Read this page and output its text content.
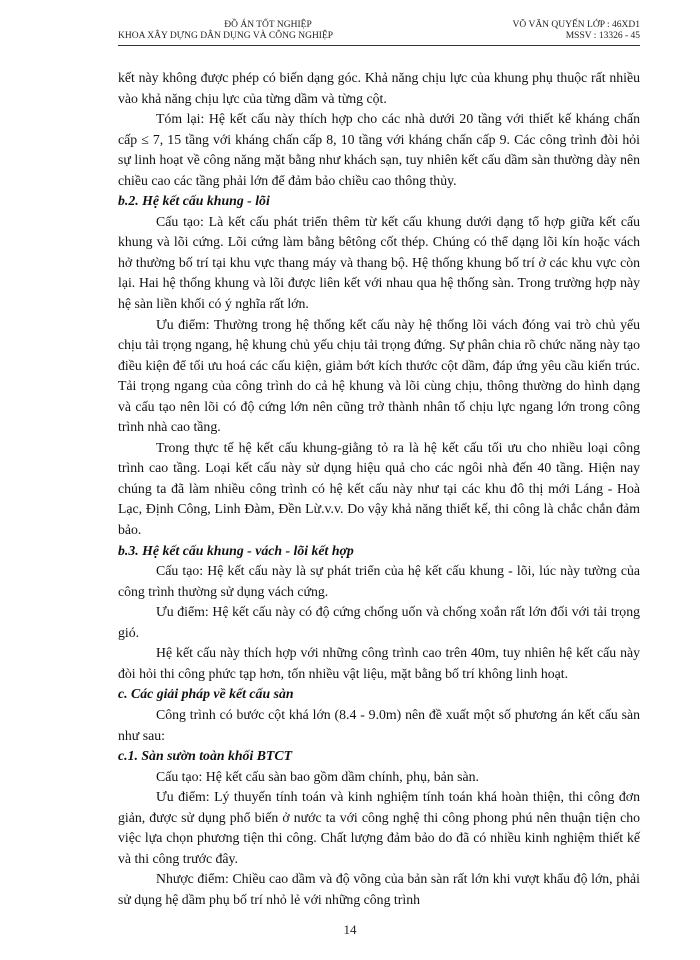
ĐỒ ÁN TỐT NGHIỆP
KHOA XÂY DỰNG DÂN DỤNG VÀ CÔNG NGHIỆP
VÕ VĂN QUYẾN LỚP : 46XD1
MSSV : 13326 - 45

kết này không được phép có biến dạng góc. Khả năng chịu lực của khung phụ thuộc rất nhiều vào khả năng chịu lực của từng dầm và từng cột.

Tóm lại: Hệ kết cấu này thích hợp cho các nhà dưới 20 tầng với thiết kế kháng chấn cấp ≤ 7, 15 tầng với kháng chấn cấp 8, 10 tầng với kháng chấn cấp 9. Các công trình đòi hỏi sự linh hoạt về công năng mặt bằng như khách sạn, tuy nhiên kết cấu dầm sàn thường dày nên chiều cao các tầng phải lớn để đảm bảo chiều cao thông thủy.

b.2. Hệ kết cấu khung - lõi

Cấu tạo: Là kết cấu phát triển thêm từ kết cấu khung dưới dạng tổ hợp giữa kết cấu khung và lõi cứng. Lõi cứng làm bằng bêtông cốt thép. Chúng có thể dạng lõi kín hoặc vách hở thường bố trí tại khu vực thang máy và thang bộ. Hệ thống khung bố trí ở các khu vực còn lại. Hai hệ thống khung và lõi được liên kết với nhau qua hệ thống sàn. Trong trường hợp này hệ sàn liền khối có ý nghĩa rất lớn.

Ưu điểm: Thường trong hệ thống kết cấu này hệ thống lõi vách đóng vai trò chủ yếu chịu tải trọng ngang, hệ khung chủ yếu chịu tải trọng đứng. Sự phân chia rõ chức năng này tạo điều kiện để tối ưu hoá các cấu kiện, giảm bớt kích thước cột dầm, đáp ứng yêu cầu kiến trúc. Tải trọng ngang của công trình do cả hệ khung và lõi cùng chịu, thông thường do hình dạng và cấu tạo nên lõi có độ cứng lớn nên cũng trở thành nhân tố chịu lực ngang lớn trong công trình nhà cao tầng.

Trong thực tế hệ kết cấu khung-giằng tỏ ra là hệ kết cấu tối ưu cho nhiều loại công trình cao tầng. Loại kết cấu này sử dụng hiệu quả cho các ngôi nhà đến 40 tầng. Hiện nay chúng ta đã làm nhiều công trình có hệ kết cấu này như tại các khu đô thị mới Láng - Hoà Lạc, Định Công, Linh Đàm, Đền Lừ.v.v. Do vậy khả năng thiết kế, thi công là chắc chắn đảm bảo.

b.3. Hệ kết cấu khung - vách - lõi kết hợp

Cấu tạo: Hệ kết cấu này là sự phát triển của hệ kết cấu khung - lõi, lúc này tường của công trình thường sử dụng vách cứng.

Ưu điểm: Hệ kết cấu này có độ cứng chống uốn và chống xoắn rất lớn đối với tải trọng gió.

Hệ kết cấu này thích hợp với những công trình cao trên 40m, tuy nhiên hệ kết cấu này đòi hỏi thi công phức tạp hơn, tốn nhiều vật liệu, mặt bằng bố trí không linh hoạt.

c. Các giải pháp về kết cấu sàn

Công trình có bước cột khá lớn (8.4 - 9.0m) nên đề xuất một số phương án kết cấu sàn như sau:

c.1. Sàn sườn toàn khối BTCT

Cấu tạo: Hệ kết cấu sàn bao gồm dầm chính, phụ, bản sàn.

Ưu điểm: Lý thuyến tính toán và kinh nghiệm tính toán khá hoàn thiện, thi công đơn giản, được sử dụng phổ biến ở nước ta với công nghệ thi công phong phú nên thuận tiện cho việc lựa chọn phương tiện thi công. Chất lượng đảm bảo do đã có nhiều kinh nghiệm thiết kế và thi công trước đây.

Nhược điểm: Chiều cao dầm và độ võng của bản sàn rất lớn khi vượt khẩu độ lớn, phải sử dụng hệ dầm phụ bố trí nhỏ lẻ với những công trình

14
